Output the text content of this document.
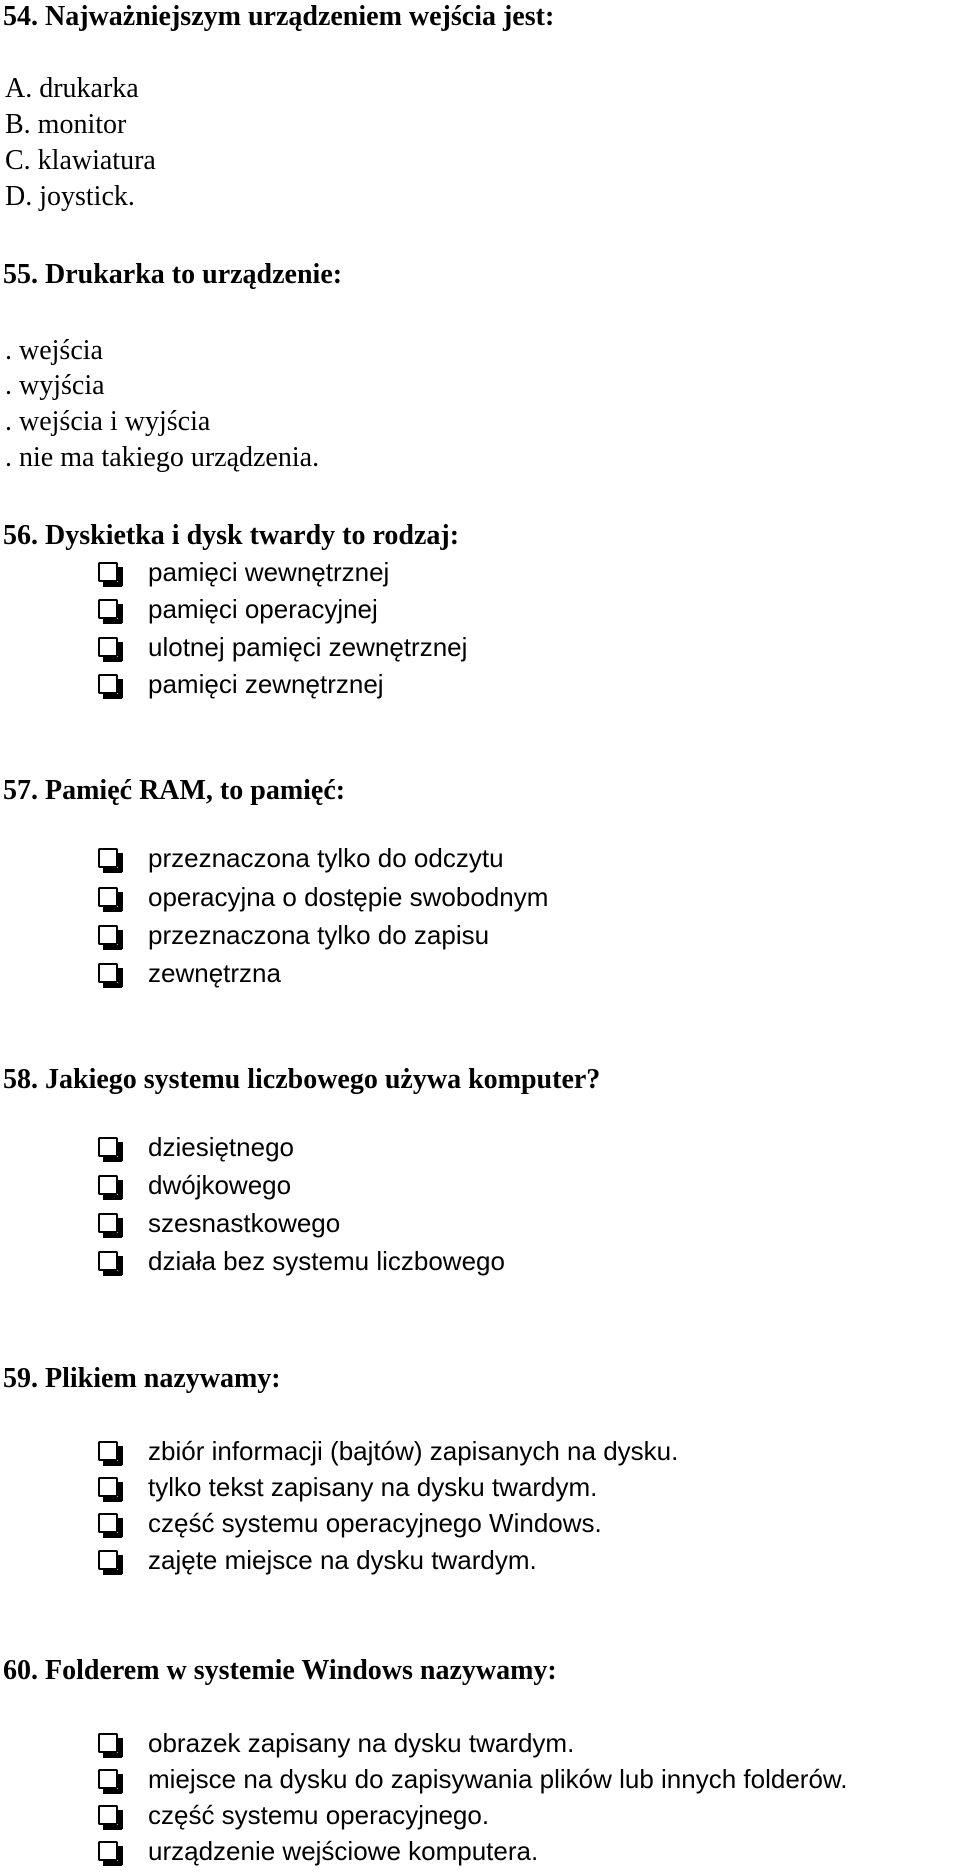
54. Najważniejszym urządzeniem wejścia jest:
A. drukarka
B. monitor
C. klawiatura
D. joystick.
55. Drukarka to urządzenie:
. wejścia
. wyjścia
. wejścia i wyjścia
. nie ma takiego urządzenia.
56. Dyskietka i dysk twardy to rodzaj:
pamięci wewnętrznej
pamięci operacyjnej
ulotnej pamięci zewnętrznej
pamięci zewnętrznej
57. Pamięć RAM, to pamięć:
przeznaczona tylko do odczytu
operacyjna o dostępie swobodnym
przeznaczona tylko do zapisu
zewnętrzna
58. Jakiego systemu liczbowego używa komputer?
dziesiętnego
dwójkowego
szesnastkowego
działa bez systemu liczbowego
59. Plikiem nazywamy:
zbiór informacji (bajtów) zapisanych na dysku.
tylko tekst zapisany na dysku twardym.
część systemu operacyjnego Windows.
zajęte miejsce na dysku twardym.
60. Folderem w systemie Windows nazywamy:
obrazek zapisany na dysku twardym.
miejsce na dysku do zapisywania plików lub innych folderów.
część systemu operacyjnego.
urządzenie wejściowe komputera.
